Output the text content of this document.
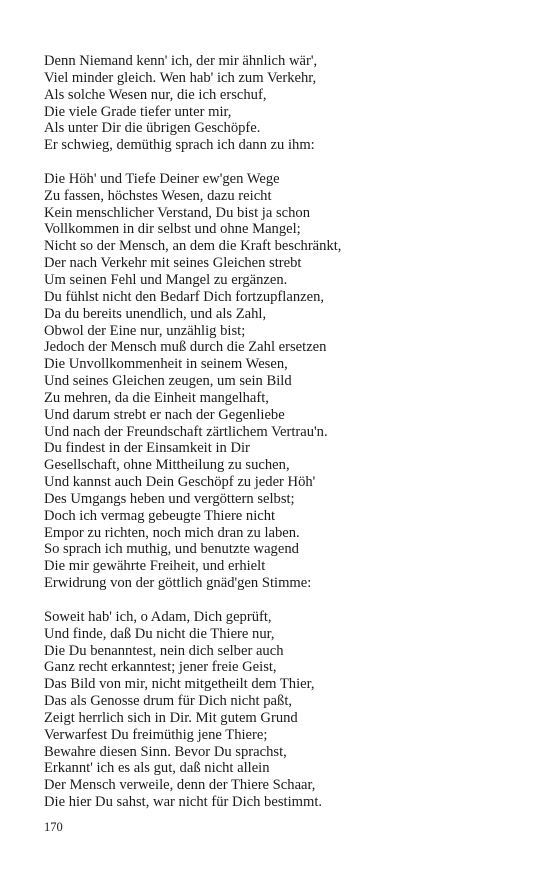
Denn Niemand kenn' ich, der mir ähnlich wär',
Viel minder gleich. Wen hab' ich zum Verkehr,
Als solche Wesen nur, die ich erschuf,
Die viele Grade tiefer unter mir,
Als unter Dir die übrigen Geschöpfe.
Er schwieg, demüthig sprach ich dann zu ihm:
Die Höh' und Tiefe Deiner ew'gen Wege
Zu fassen, höchstes Wesen, dazu reicht
Kein menschlicher Verstand, Du bist ja schon
Vollkommen in dir selbst und ohne Mangel;
Nicht so der Mensch, an dem die Kraft beschränkt,
Der nach Verkehr mit seines Gleichen strebt
Um seinen Fehl und Mangel zu ergänzen.
Du fühlst nicht den Bedarf Dich fortzupflanzen,
Da du bereits unendlich, und als Zahl,
Obwol der Eine nur, unzählig bist;
Jedoch der Mensch muß durch die Zahl ersetzen
Die Unvollkommenheit in seinem Wesen,
Und seines Gleichen zeugen, um sein Bild
Zu mehren, da die Einheit mangelhaft,
Und darum strebt er nach der Gegenliebe
Und nach der Freundschaft zärtlichem Vertrau'n.
Du findest in der Einsamkeit in Dir
Gesellschaft, ohne Mittheilung zu suchen,
Und kannst auch Dein Geschöpf zu jeder Höh'
Des Umgangs heben und vergöttern selbst;
Doch ich vermag gebeugte Thiere nicht
Empor zu richten, noch mich dran zu laben.
So sprach ich muthig, und benutzte wagend
Die mir gewährte Freiheit, und erhielt
Erwidrung von der göttlich gnäd'gen Stimme:
Soweit hab' ich, o Adam, Dich geprüft,
Und finde, daß Du nicht die Thiere nur,
Die Du benanntest, nein dich selber auch
Ganz recht erkanntest; jener freie Geist,
Das Bild von mir, nicht mitgetheilt dem Thier,
Das als Genosse drum für Dich nicht paßt,
Zeigt herrlich sich in Dir. Mit gutem Grund
Verwarfest Du freimüthig jene Thiere;
Bewahre diesen Sinn. Bevor Du sprachst,
Erkannt' ich es als gut, daß nicht allein
Der Mensch verweile, denn der Thiere Schaar,
Die hier Du sahst, war nicht für Dich bestimmt.
170
